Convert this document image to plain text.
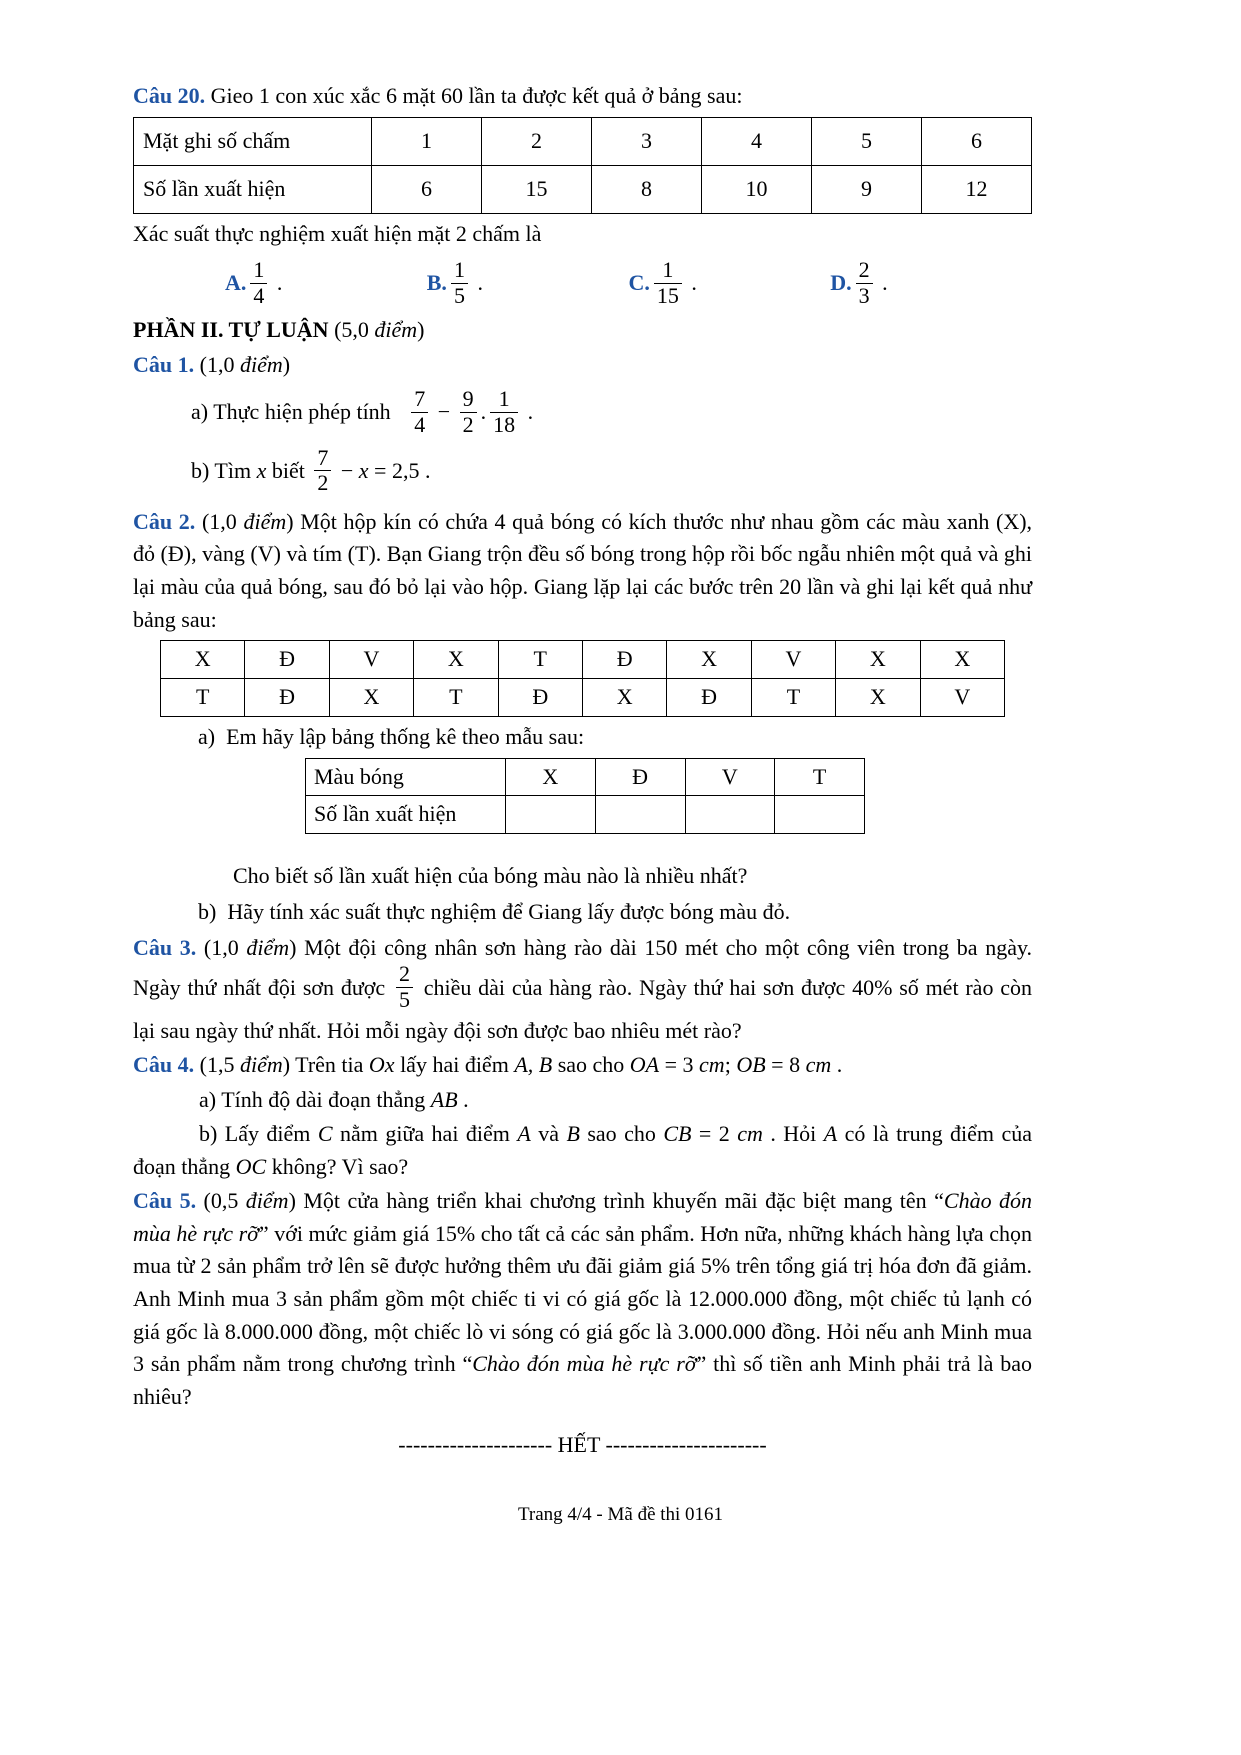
Câu 20. Gieo 1 con xúc xắc 6 mặt 60 lần ta được kết quả ở bảng sau:

Mặt ghi số chấm	1	2	3	4	5	6
Số lần xuất hiện	6	15	8	10	9	12

Xác suất thực nghiệm xuất hiện mặt 2 chấm là

A. $\frac{1}{4}$ .	B. $\frac{1}{5}$ .	C. $\frac{1}{15}$ .	D. $\frac{2}{3}$ .

PHẦN II. TỰ LUẬN (5,0 điểm)

Câu 1. (1,0 điểm)

a) Thực hiện phép tính $\frac{7}{4} - \frac{9}{2}$ . $\frac{1}{18}$ .

b) Tìm x biết $\frac{7}{2} - x = 2,5$ .

Câu 2. (1,0 điểm) Một hộp kín có chứa 4 quả bóng có kích thước như nhau gồm các màu xanh (X), đỏ (Đ), vàng (V) và tím (T). Bạn Giang trộn đều số bóng trong hộp rồi bốc ngẫu nhiên một quả và ghi lại màu của quả bóng, sau đó bỏ lại vào hộp. Giang lặp lại các bước trên 20 lần và ghi lại kết quả như bảng sau:

X	Đ	V	X	T	Đ	X	V	X	X
T	Đ	X	T	Đ	X	Đ	T	X	V

a)  Em hãy lập bảng thống kê theo mẫu sau:

Màu bóng	X	Đ	V	T
Số lần xuất hiện				

Cho biết số lần xuất hiện của bóng màu nào là nhiều nhất?

b)  Hãy tính xác suất thực nghiệm để Giang lấy được bóng màu đỏ.

Câu 3. (1,0 điểm) Một đội công nhân sơn hàng rào dài 150 mét cho một công viên trong ba ngày. Ngày thứ nhất đội sơn được $\frac{2}{5}$ chiều dài của hàng rào. Ngày thứ hai sơn được 40% số mét rào còn lại sau ngày thứ nhất. Hỏi mỗi ngày đội sơn được bao nhiêu mét rào?

Câu 4. (1,5 điểm) Trên tia Ox lấy hai điểm A, B sao cho OA = 3 cm; OB = 8 cm .

a) Tính độ dài đoạn thẳng AB .

b) Lấy điểm C nằm giữa hai điểm A và B sao cho CB = 2 cm . Hỏi A có là trung điểm của đoạn thẳng OC không? Vì sao?

Câu 5. (0,5 điểm) Một cửa hàng triển khai chương trình khuyến mãi đặc biệt mang tên “Chào đón mùa hè rực rỡ” với mức giảm giá 15% cho tất cả các sản phẩm. Hơn nữa, những khách hàng lựa chọn mua từ 2 sản phẩm trở lên sẽ được hưởng thêm ưu đãi giảm giá 5% trên tổng giá trị hóa đơn đã giảm. Anh Minh mua 3 sản phẩm gồm một chiếc ti vi có giá gốc là 12.000.000 đồng, một chiếc tủ lạnh có giá gốc là 8.000.000 đồng, một chiếc lò vi sóng có giá gốc là 3.000.000 đồng. Hỏi nếu anh Minh mua 3 sản phẩm nằm trong chương trình “Chào đón mùa hè rực rỡ” thì số tiền anh Minh phải trả là bao nhiêu?

--------------------- HẾT ----------------------

Trang 4/4 - Mã đề thi 0161
